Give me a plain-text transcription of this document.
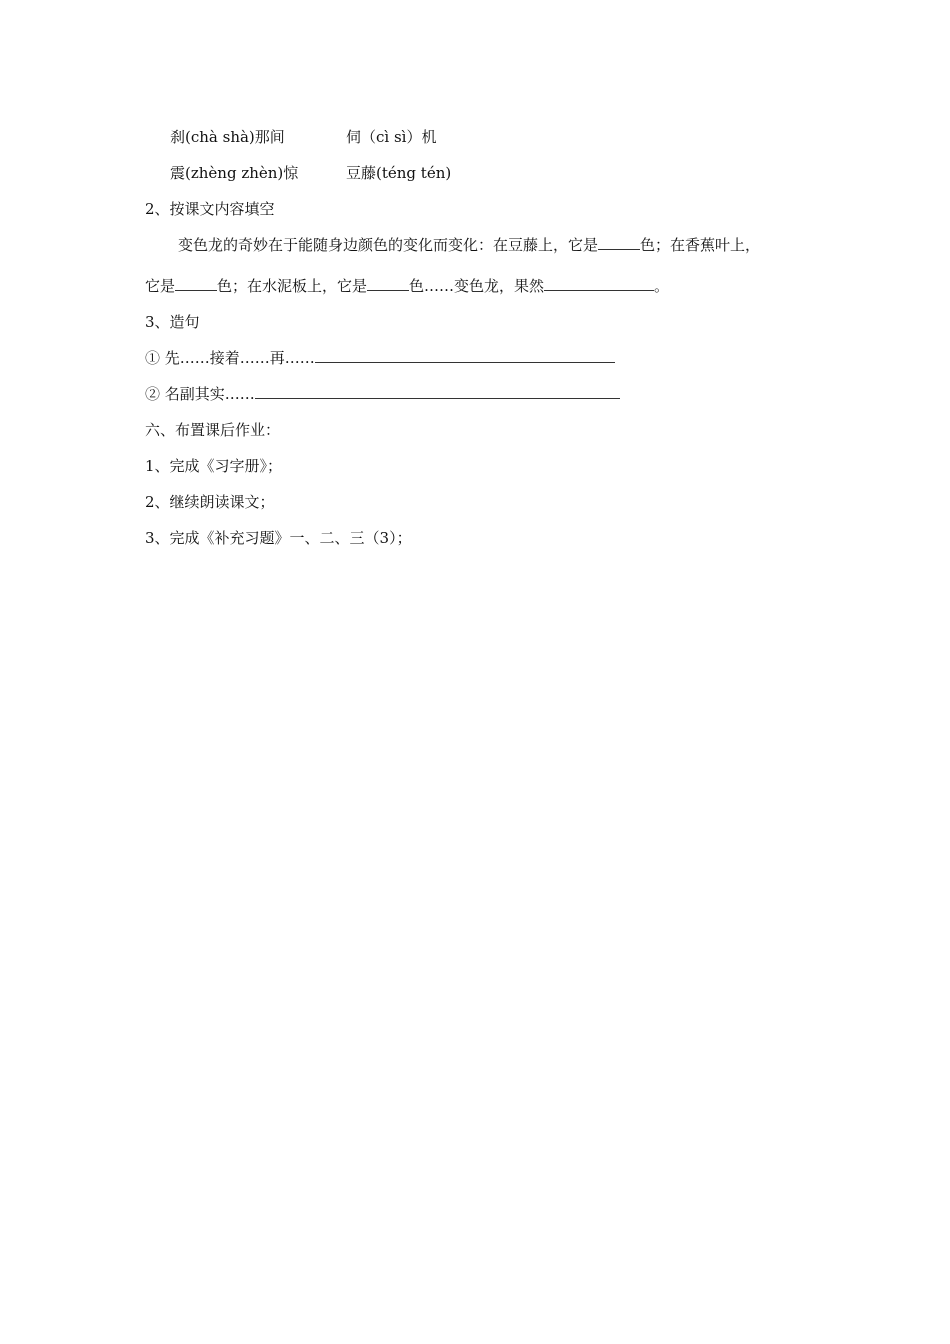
刹(chà shà)那间	伺（cì sì）机
震(zhèng zhèn)惊	豆藤(téng tén)
2、按课文内容填空
变色龙的奇妙在于能随身边颜色的变化而变化：在豆藤上，它是	色；在香蕉叶上，
它是	色；在水泥板上，它是	色……变色龙，果然	。
3、造句
① 先……接着……再……
② 名副其实……
六、布置课后作业：
1、完成《习字册》；
2、继续朗读课文；
3、完成《补充习题》一、二、三（3）；
